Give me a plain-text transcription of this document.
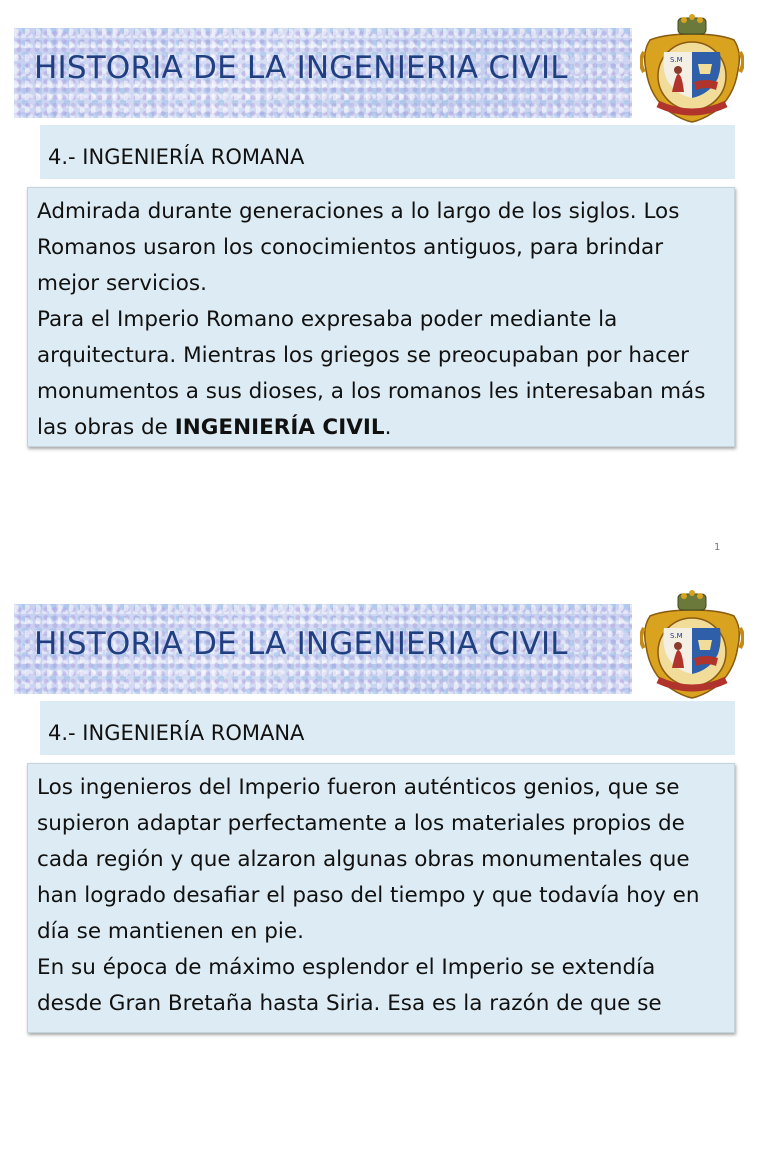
HISTORIA DE LA INGENIERIA CIVIL	S.M

4.- INGENIERÍA ROMANA

Admirada durante generaciones a lo largo de los siglos. Los Romanos usaron los conocimientos antiguos, para brindar mejor servicios.

Para el Imperio Romano expresaba poder mediante la arquitectura. Mientras los griegos se preocupaban por hacer monumentos a sus dioses, a los romanos les interesaban más las obras de INGENIERÍA CIVIL.

1
HISTORIA DE LA INGENIERIA CIVIL	S.M

4.- INGENIERÍA ROMANA

Los ingenieros del Imperio fueron auténticos genios, que se supieron adaptar perfectamente a los materiales propios de cada región y que alzaron algunas obras monumentales que han logrado desafiar el paso del tiempo y que todavía hoy en día se mantienen en pie.

En su época de máximo esplendor el Imperio se extendía desde Gran Bretaña hasta Siria. Esa es la razón de que se
